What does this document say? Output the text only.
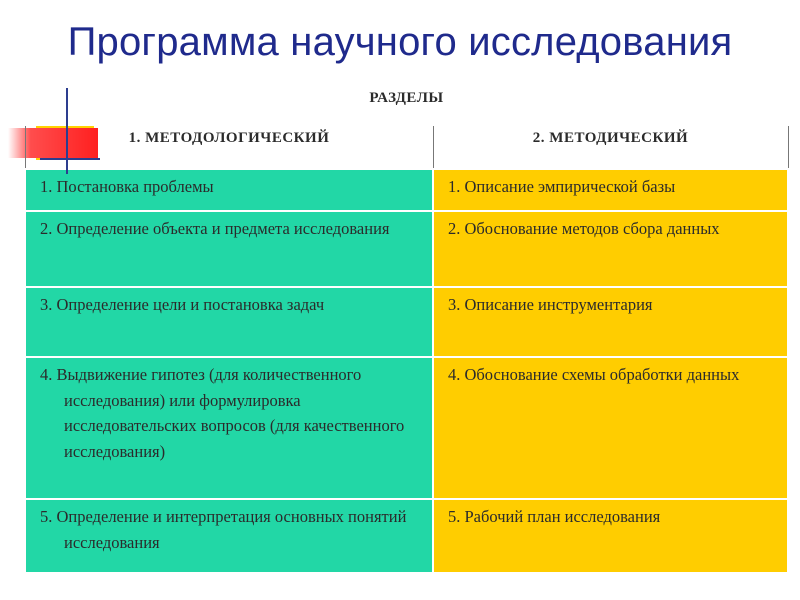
Программа научного исследования
РАЗДЕЛЫ	
1. МЕТОДОЛОГИЧЕСКИЙ	2. МЕТОДИЧЕСКИЙ

1. Постановка проблемы	1. Описание эмпирической базы

2. Определение объекта и предмета исследования	2. Обоснование методов сбора данных

3. Определение цели и постановка задач	3. Описание инструментария

4. Выдвижение гипотез (для количественного исследования) или формулировка исследовательских вопросов (для качественного исследования)	4. Обоснование схемы обработки данных

5. Определение и интерпретация основных понятий исследования	5. Рабочий план исследования
